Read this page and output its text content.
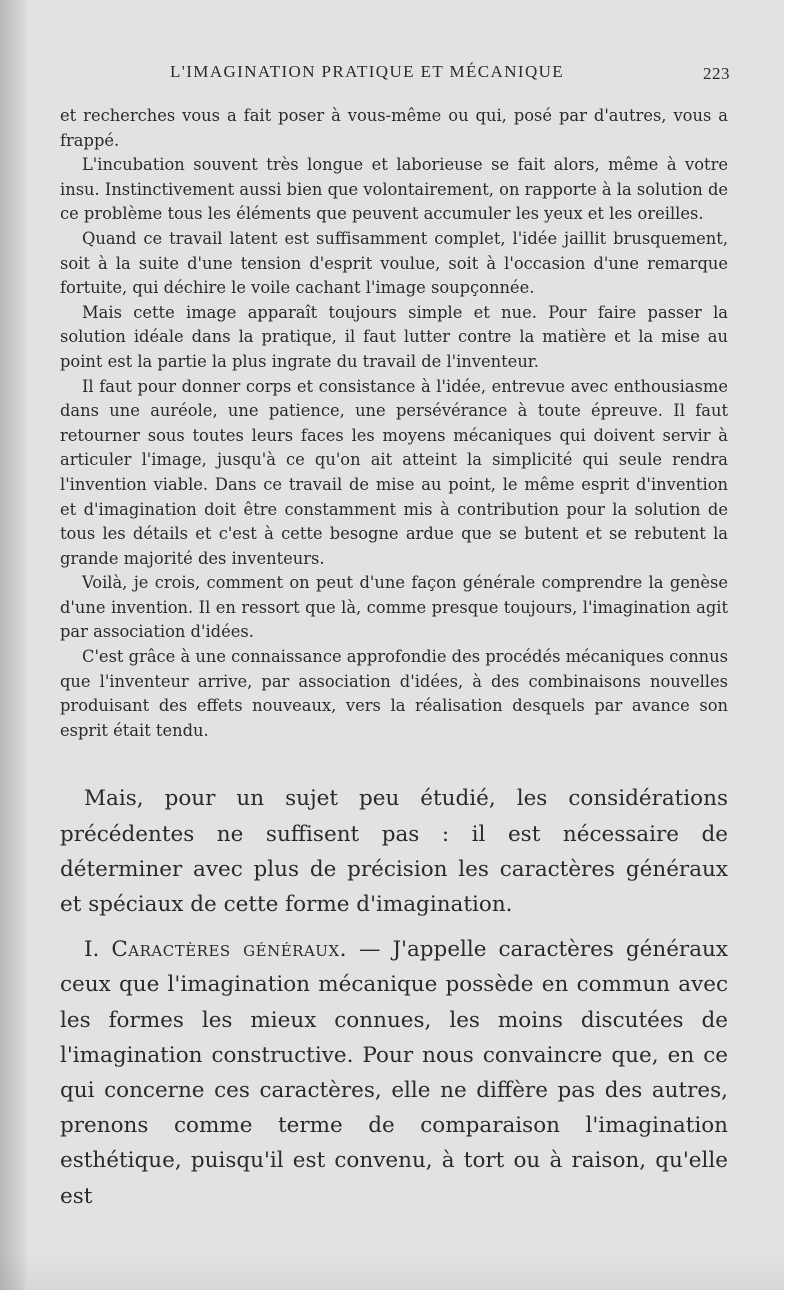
L'IMAGINATION PRATIQUE ET MÉCANIQUE	223

et recherches vous a fait poser à vous-même ou qui, posé par d'autres, vous a frappé.

L'incubation souvent très longue et laborieuse se fait alors, même à votre insu. Instinctivement aussi bien que volontairement, on rapporte à la solution de ce problème tous les éléments que peuvent accumuler les yeux et les oreilles.

Quand ce travail latent est suffisamment complet, l'idée jaillit brusquement, soit à la suite d'une tension d'esprit voulue, soit à l'occasion d'une remarque fortuite, qui déchire le voile cachant l'image soupçonnée.

Mais cette image apparaît toujours simple et nue. Pour faire passer la solution idéale dans la pratique, il faut lutter contre la matière et la mise au point est la partie la plus ingrate du travail de l'inventeur.

Il faut pour donner corps et consistance à l'idée, entrevue avec enthousiasme dans une auréole, une patience, une persévérance à toute épreuve. Il faut retourner sous toutes leurs faces les moyens mécaniques qui doivent servir à articuler l'image, jusqu'à ce qu'on ait atteint la simplicité qui seule rendra l'invention viable. Dans ce travail de mise au point, le même esprit d'invention et d'imagination doit être constamment mis à contribution pour la solution de tous les détails et c'est à cette besogne ardue que se butent et se rebutent la grande majorité des inventeurs.

Voilà, je crois, comment on peut d'une façon générale comprendre la genèse d'une invention. Il en ressort que là, comme presque toujours, l'imagination agit par association d'idées.

C'est grâce à une connaissance approfondie des procédés mécaniques connus que l'inventeur arrive, par association d'idées, à des combinaisons nouvelles produisant des effets nouveaux, vers la réalisation desquels par avance son esprit était tendu.

Mais, pour un sujet peu étudié, les considérations précédentes ne suffisent pas : il est nécessaire de déterminer avec plus de précision les caractères généraux et spéciaux de cette forme d'imagination.

I. Caractères généraux. — J'appelle caractères généraux ceux que l'imagination mécanique possède en commun avec les formes les mieux connues, les moins discutées de l'imagination constructive. Pour nous convaincre que, en ce qui concerne ces caractères, elle ne diffère pas des autres, prenons comme terme de comparaison l'imagination esthétique, puisqu'il est convenu, à tort ou à raison, qu'elle est
